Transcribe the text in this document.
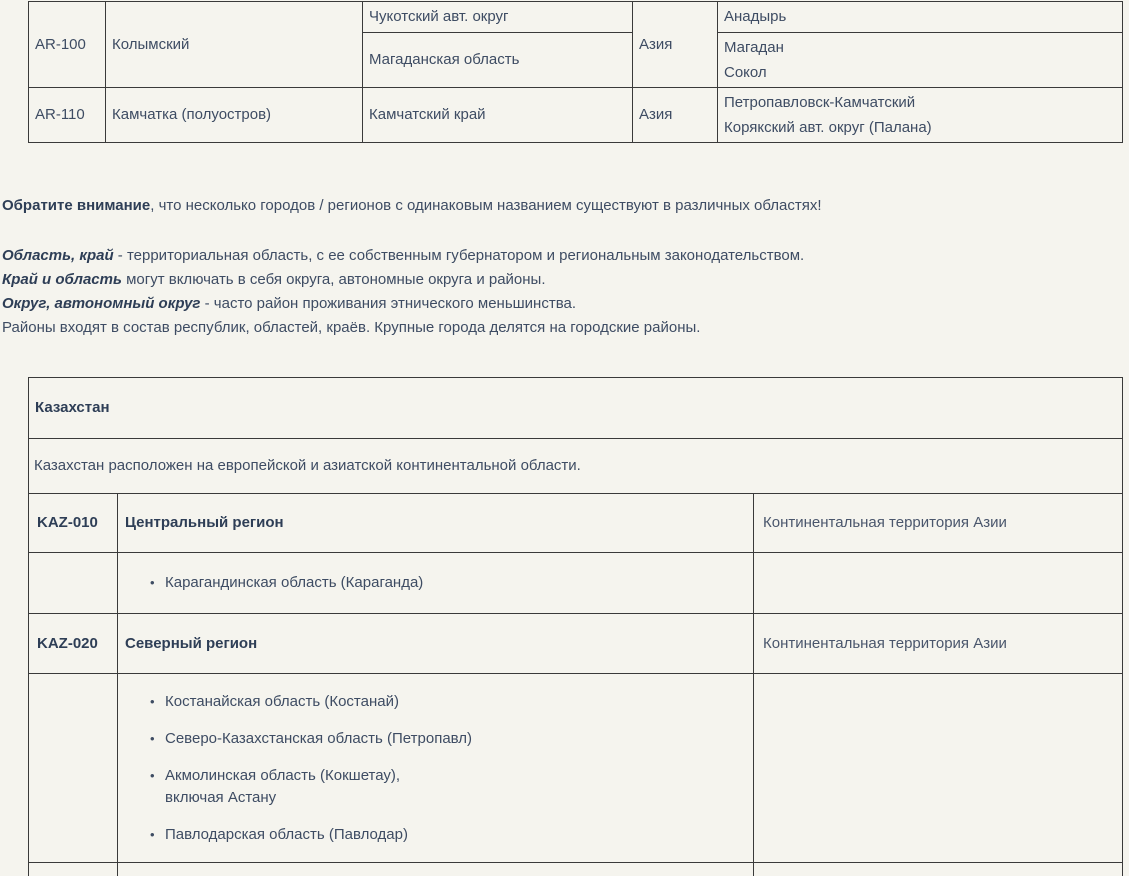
AR-100	Колымский	Чукотский авт. округ	Азия	Анадырь
		Магаданская область		Магадан
Сокол

AR-110	Камчатка (полуостров)	Камчатский край	Азия	Петропавловск-Камчатский
Корякский авт. округ (Палана)

Обратите внимание, что несколько городов / регионов с одинаковым названием существуют в различных областях!

Область, край - территориальная область, с ее собственным губернатором и региональным законодательством.

Край и область могут включать в себя округа, автономные округа и районы.

Округ, автономный округ - часто район проживания этнического меньшинства.

Районы входят в состав республик, областей, краёв. Крупные города делятся на городские районы.

Казахстан		
Казахстан расположен на европейской и азиатской континентальной области.		
KAZ-010	Центральный регион	Континентальная территория Азии

• Карагандинская область (Караганда)

KAZ-020	Северный регион	Континентальная территория Азии

• Костанайская область (Костанай)
• Северо-Казахстанская область (Петропавл)
• Акмолинская область (Кокшетау),
включая Астану
• Павлодарская область (Павлодар)
